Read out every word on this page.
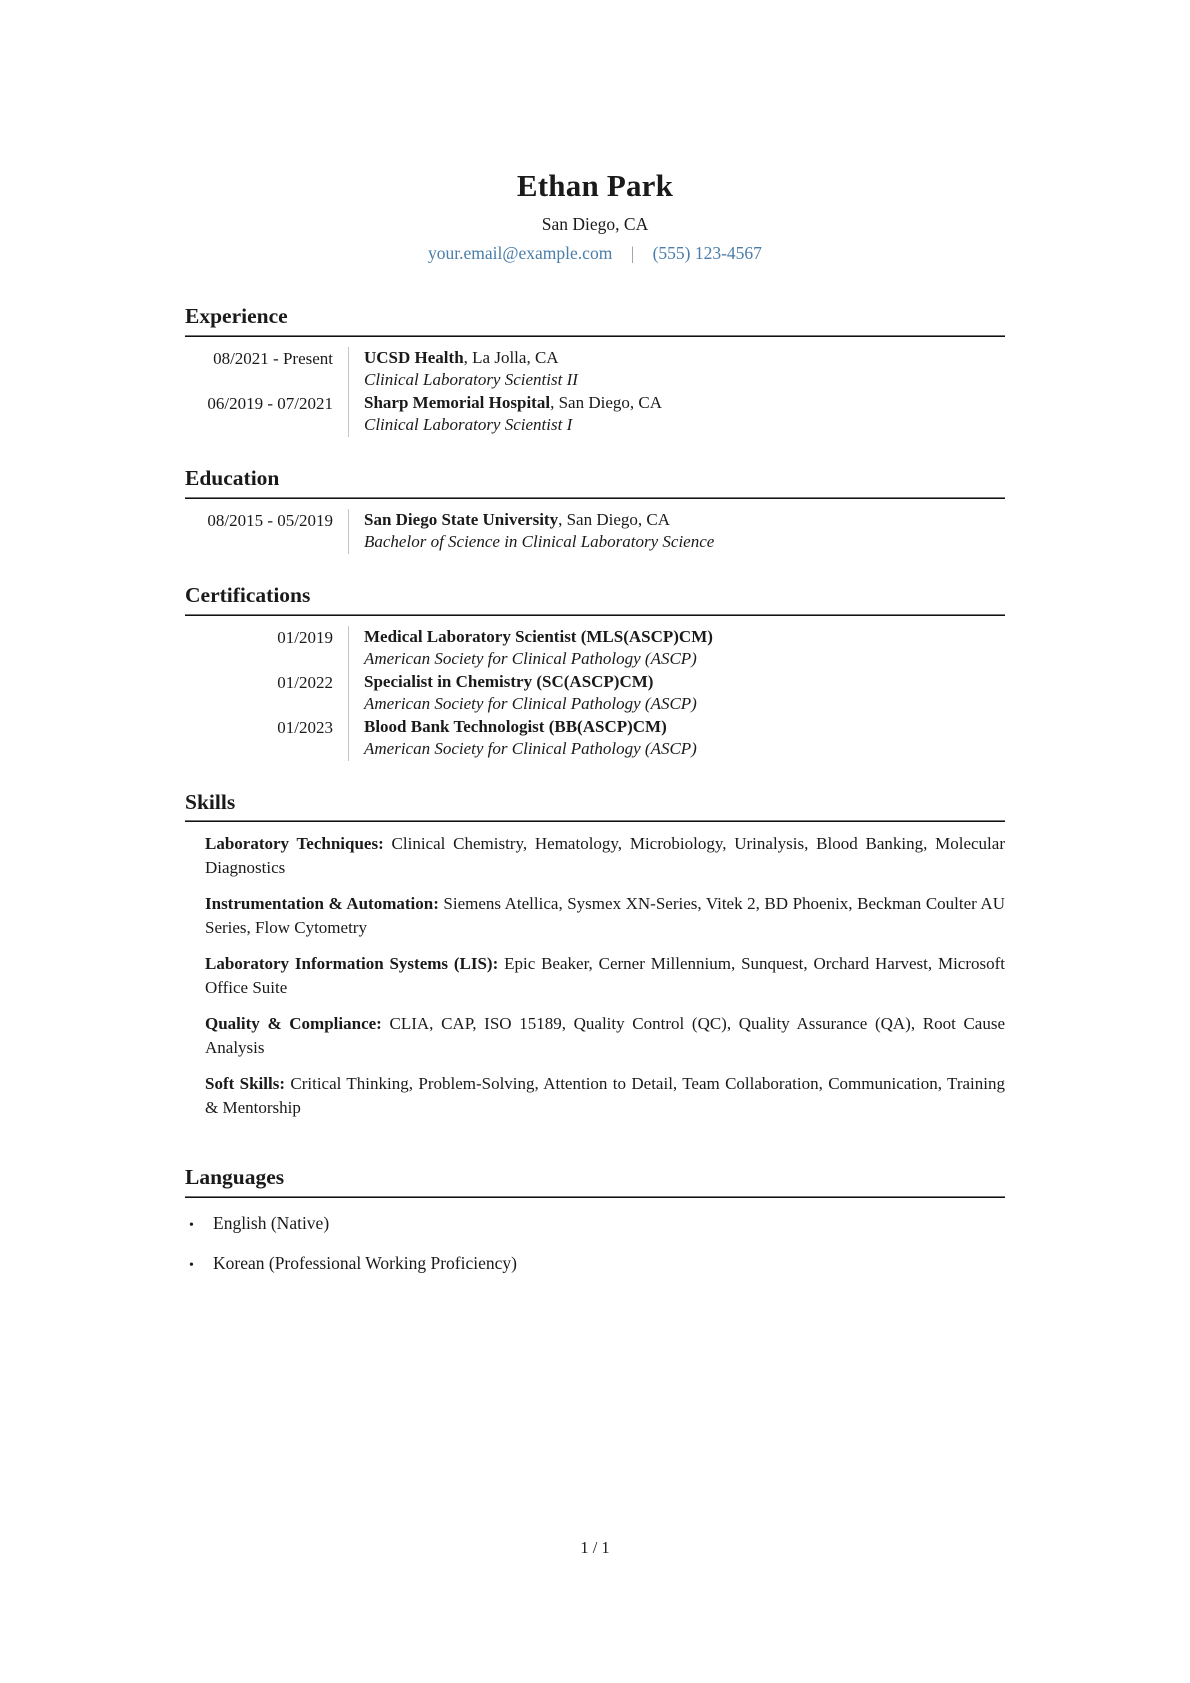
Ethan Park
San Diego, CA
your.email@example.com | (555) 123-4567
Experience
08/2021 - Present	UCSD Health, La Jolla, CA
Clinical Laboratory Scientist II
06/2019 - 07/2021	Sharp Memorial Hospital, San Diego, CA
Clinical Laboratory Scientist I
Education
08/2015 - 05/2019	San Diego State University, San Diego, CA
Bachelor of Science in Clinical Laboratory Science
Certifications
01/2019	Medical Laboratory Scientist (MLS(ASCP)CM)
American Society for Clinical Pathology (ASCP)
01/2022	Specialist in Chemistry (SC(ASCP)CM)
American Society for Clinical Pathology (ASCP)
01/2023	Blood Bank Technologist (BB(ASCP)CM)
American Society for Clinical Pathology (ASCP)
Skills

Laboratory Techniques: Clinical Chemistry, Hematology, Microbiology, Urinalysis, Blood Banking, Molecular Diagnostics

Instrumentation & Automation: Siemens Atellica, Sysmex XN-Series, Vitek 2, BD Phoenix, Beckman Coulter AU Series, Flow Cytometry

Laboratory Information Systems (LIS): Epic Beaker, Cerner Millennium, Sunquest, Orchard Harvest, Microsoft Office Suite

Quality & Compliance: CLIA, CAP, ISO 15189, Quality Control (QC), Quality Assurance (QA), Root Cause Analysis

Soft Skills: Critical Thinking, Problem-Solving, Attention to Detail, Team Collaboration, Communication, Training & Mentorship

Languages
•	English (Native)
•	Korean (Professional Working Proficiency)
1 / 1
